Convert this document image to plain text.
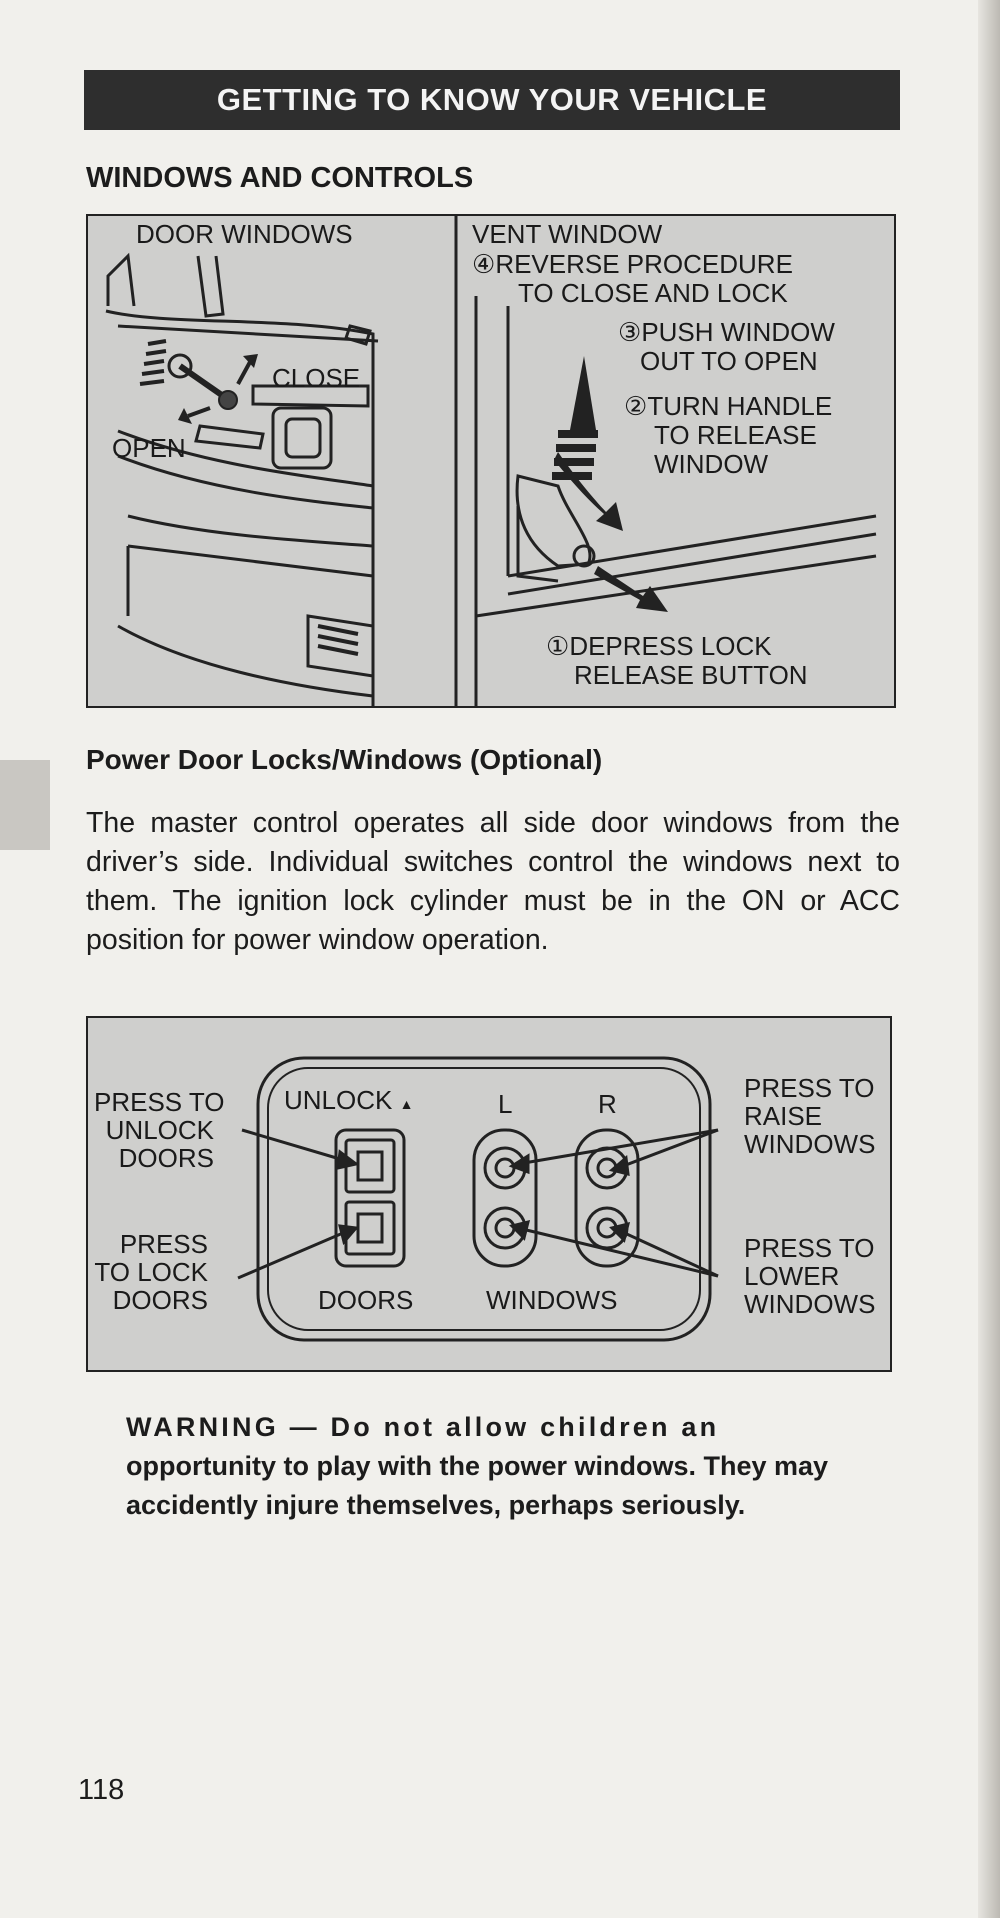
GETTING TO KNOW YOUR VEHICLE
WINDOWS AND CONTROLS
DOOR WINDOWS
CLOSE
OPEN
VENT WINDOW
④REVERSE PROCEDURE
TO CLOSE AND LOCK
③PUSH WINDOW
OUT TO OPEN
②TURN HANDLE
TO RELEASE
WINDOW
①DEPRESS LOCK
RELEASE BUTTON
Power Door Locks/Windows (Optional)
The master control operates all side door windows from the driver’s side. Individual switches control the windows next to them. The ignition lock cylinder must be in the ON or ACC position for power window operation.
PRESS TO
UNLOCK
DOORS
PRESS
TO LOCK
DOORS
UNLOCK ▲	L	R
DOORS	WINDOWS
PRESS TO
RAISE
WINDOWS
PRESS TO
LOWER
WINDOWS
WARNING — Do not allow children an
opportunity to play with the power windows. They may accidently injure themselves, perhaps seriously.
118
